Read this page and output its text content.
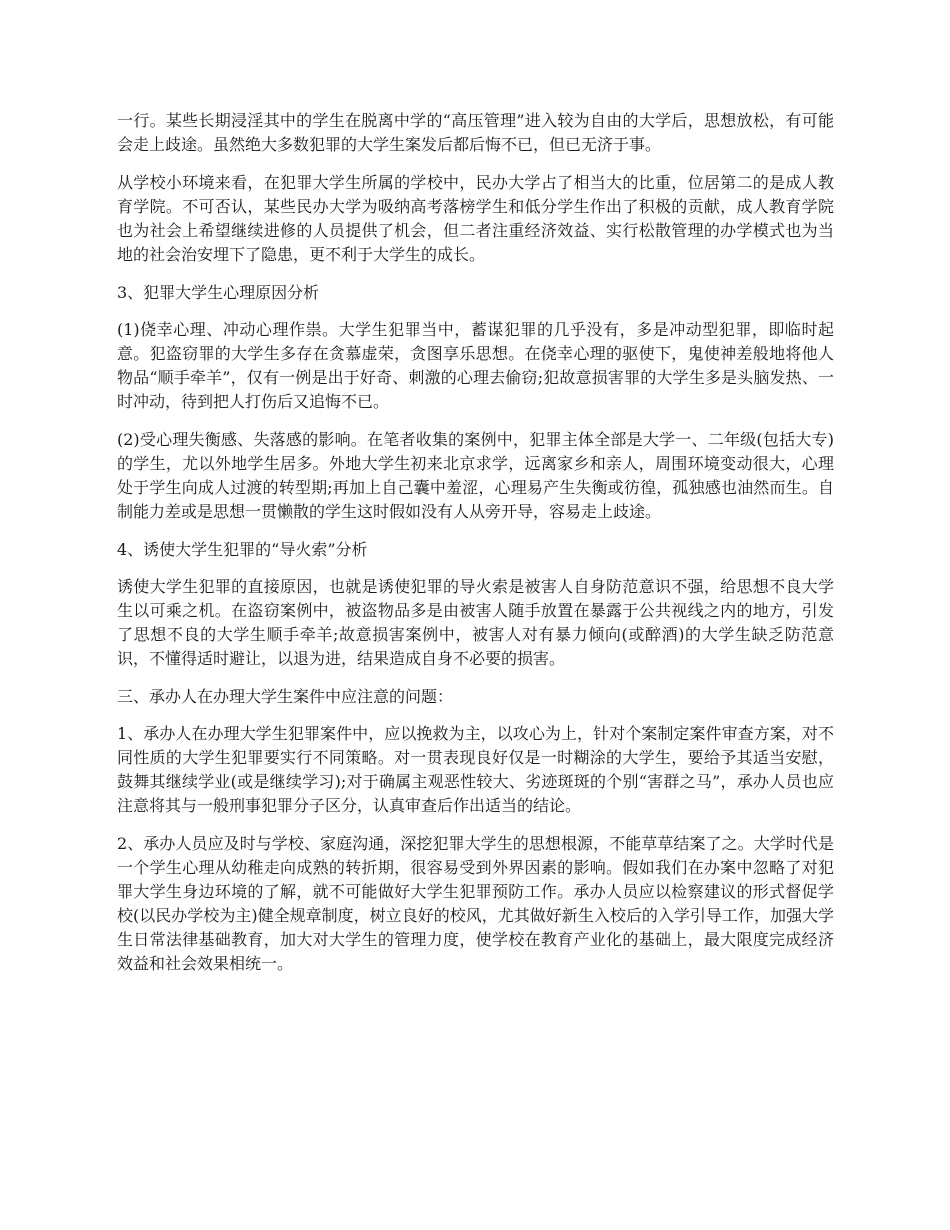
一行。某些长期浸淫其中的学生在脱离中学的“高压管理”进入较为自由的大学后，思想放松，有可能会走上歧途。虽然绝大多数犯罪的大学生案发后都后悔不已，但已无济于事。

从学校小环境来看，在犯罪大学生所属的学校中，民办大学占了相当大的比重，位居第二的是成人教育学院。不可否认，某些民办大学为吸纳高考落榜学生和低分学生作出了积极的贡献，成人教育学院也为社会上希望继续进修的人员提供了机会，但二者注重经济效益、实行松散管理的办学模式也为当地的社会治安埋下了隐患，更不利于大学生的成长。

3、犯罪大学生心理原因分析

(1)侥幸心理、冲动心理作祟。大学生犯罪当中，蓄谋犯罪的几乎没有，多是冲动型犯罪，即临时起意。犯盗窃罪的大学生多存在贪慕虚荣，贪图享乐思想。在侥幸心理的驱使下，鬼使神差般地将他人物品“顺手牵羊”，仅有一例是出于好奇、刺激的心理去偷窃;犯故意损害罪的大学生多是头脑发热、一时冲动，待到把人打伤后又追悔不已。

(2)受心理失衡感、失落感的影响。在笔者收集的案例中，犯罪主体全部是大学一、二年级(包括大专)的学生，尤以外地学生居多。外地大学生初来北京求学，远离家乡和亲人，周围环境变动很大，心理处于学生向成人过渡的转型期;再加上自己囊中羞涩，心理易产生失衡或彷徨，孤独感也油然而生。自制能力差或是思想一贯懒散的学生这时假如没有人从旁开导，容易走上歧途。

4、诱使大学生犯罪的“导火索”分析

诱使大学生犯罪的直接原因，也就是诱使犯罪的导火索是被害人自身防范意识不强，给思想不良大学生以可乘之机。在盗窃案例中，被盗物品多是由被害人随手放置在暴露于公共视线之内的地方，引发了思想不良的大学生顺手牵羊;故意损害案例中，被害人对有暴力倾向(或醉酒)的大学生缺乏防范意识，不懂得适时避让，以退为进，结果造成自身不必要的损害。

三、承办人在办理大学生案件中应注意的问题：

1、承办人在办理大学生犯罪案件中，应以挽救为主，以攻心为上，针对个案制定案件审查方案，对不同性质的大学生犯罪要实行不同策略。对一贯表现良好仅是一时糊涂的大学生，要给予其适当安慰，鼓舞其继续学业(或是继续学习);对于确属主观恶性较大、劣迹斑斑的个别“害群之马”，承办人员也应注意将其与一般刑事犯罪分子区分，认真审查后作出适当的结论。

2、承办人员应及时与学校、家庭沟通，深挖犯罪大学生的思想根源，不能草草结案了之。大学时代是一个学生心理从幼稚走向成熟的转折期，很容易受到外界因素的影响。假如我们在办案中忽略了对犯罪大学生身边环境的了解，就不可能做好大学生犯罪预防工作。承办人员应以检察建议的形式督促学校(以民办学校为主)健全规章制度，树立良好的校风，尤其做好新生入校后的入学引导工作，加强大学生日常法律基础教育，加大对大学生的管理力度，使学校在教育产业化的基础上，最大限度完成经济效益和社会效果相统一。
